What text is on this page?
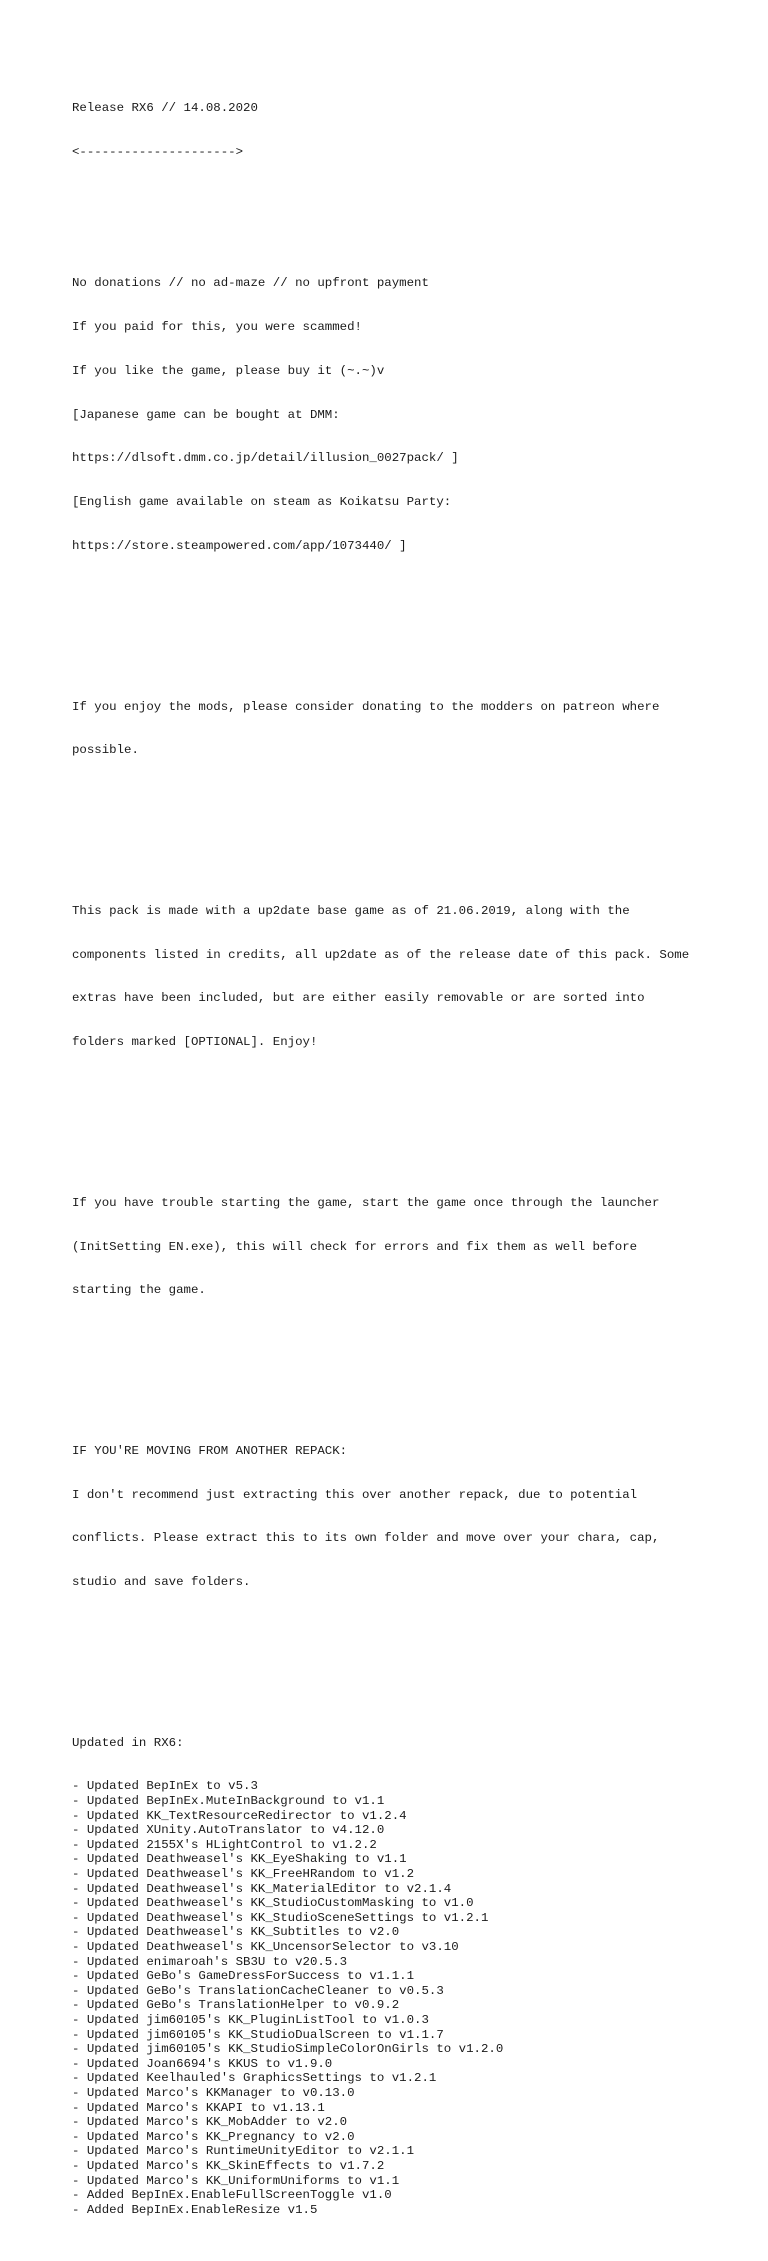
Release RX6 // 14.08.2020

<--------------------->

No donations // no ad-maze // no upfront payment

If you paid for this, you were scammed!

If you like the game, please buy it (~.~)v

[Japanese game can be bought at DMM:

https://dlsoft.dmm.co.jp/detail/illusion_0027pack/ ]

[English game available on steam as Koikatsu Party:

https://store.steampowered.com/app/1073440/ ]

If you enjoy the mods, please consider donating to the modders on patreon where

possible.

This pack is made with a up2date base game as of 21.06.2019, along with the

components listed in credits, all up2date as of the release date of this pack. Some

extras have been included, but are either easily removable or are sorted into

folders marked [OPTIONAL]. Enjoy!

If you have trouble starting the game, start the game once through the launcher

(InitSetting EN.exe), this will check for errors and fix them as well before

starting the game.

IF YOU'RE MOVING FROM ANOTHER REPACK:

I don't recommend just extracting this over another repack, due to potential

conflicts. Please extract this to its own folder and move over your chara, cap,

studio and save folders.

Updated in RX6:

- Updated BepInEx to v5.3
- Updated BepInEx.MuteInBackground to v1.1
- Updated KK_TextResourceRedirector to v1.2.4
- Updated XUnity.AutoTranslator to v4.12.0
- Updated 2155X's HLightControl to v1.2.2
- Updated Deathweasel's KK_EyeShaking to v1.1
- Updated Deathweasel's KK_FreeHRandom to v1.2
- Updated Deathweasel's KK_MaterialEditor to v2.1.4
- Updated Deathweasel's KK_StudioCustomMasking to v1.0
- Updated Deathweasel's KK_StudioSceneSettings to v1.2.1
- Updated Deathweasel's KK_Subtitles to v2.0
- Updated Deathweasel's KK_UncensorSelector to v3.10
- Updated enimaroah's SB3U to v20.5.3
- Updated GeBo's GameDressForSuccess to v1.1.1
- Updated GeBo's TranslationCacheCleaner to v0.5.3
- Updated GeBo's TranslationHelper to v0.9.2
- Updated jim60105's KK_PluginListTool to v1.0.3
- Updated jim60105's KK_StudioDualScreen to v1.1.7
- Updated jim60105's KK_StudioSimpleColorOnGirls to v1.2.0
- Updated Joan6694's KKUS to v1.9.0
- Updated Keelhauled's GraphicsSettings to v1.2.1
- Updated Marco's KKManager to v0.13.0
- Updated Marco's KKAPI to v1.13.1
- Updated Marco's KK_MobAdder to v2.0
- Updated Marco's KK_Pregnancy to v2.0
- Updated Marco's RuntimeUnityEditor to v2.1.1
- Updated Marco's KK_SkinEffects to v1.7.2
- Updated Marco's KK_UniformUniforms to v1.1
- Added BepInEx.EnableFullScreenToggle v1.0
- Added BepInEx.EnableResize v1.5
